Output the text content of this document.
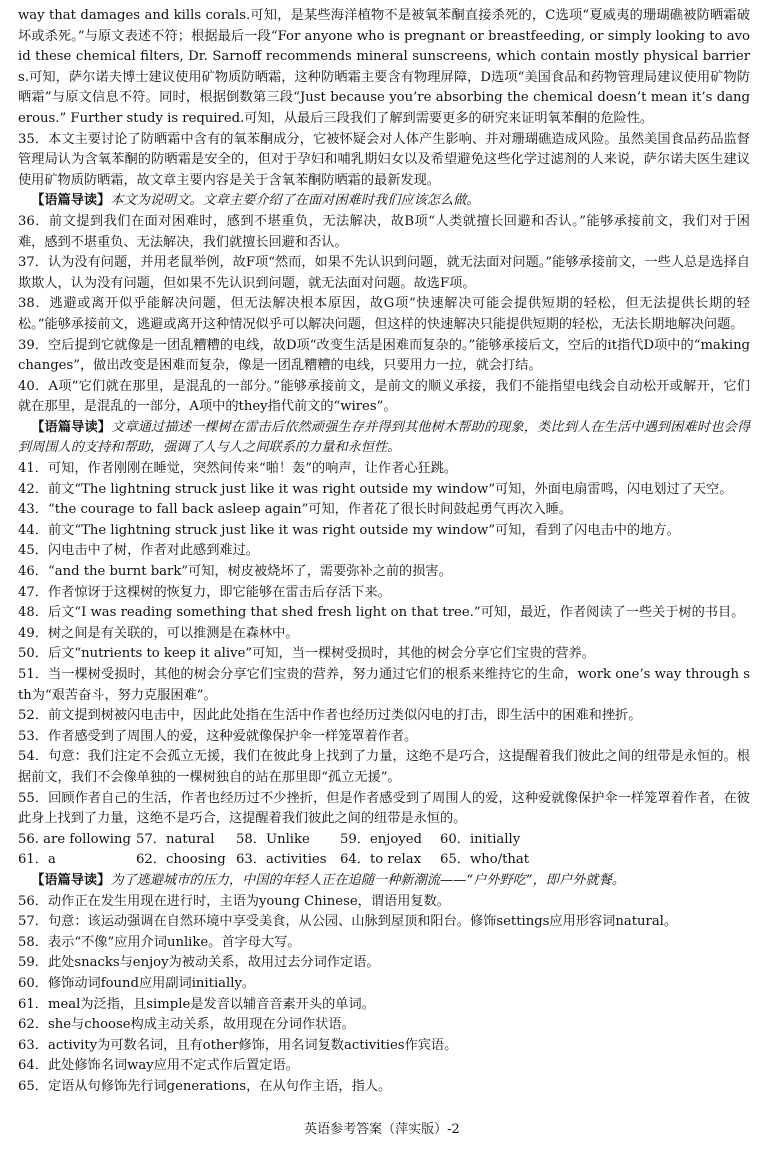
way that damages and kills corals.可知，是某些海洋植物不是被氧苯酮直接杀死的，C选项“夏威夷的珊瑚礁被防晒霜破坏或杀死。”与原文表述不符；根据最后一段“For anyone who is pregnant or breastfeeding, or simply looking to avoid these chemical filters, Dr. Sarnoff recommends mineral sunscreens, which contain mostly physical barriers.可知，萨尔诺夫博士建议使用矿物质防晒霜，这种防晒霜主要含有物理屏障，D选项“美国食品和药物管理局建议使用矿物防晒霜”与原文信息不符。同时，根据倒数第三段“Just because you’re absorbing the chemical doesn’t mean it’s dangerous.” Further study is required.可知，从最后三段我们了解到需要更多的研究来证明氧苯酮的危险性。

35．本文主要讨论了防晒霜中含有的氧苯酮成分，它被怀疑会对人体产生影响、并对珊瑚礁造成风险。虽然美国食品药品监督管理局认为含氧苯酮的防晒霜是安全的，但对于孕妇和哺乳期妇女以及希望避免这些化学过滤剂的人来说，萨尔诺夫医生建议使用矿物质防晒霜，故文章主要内容是关于含氧苯酮防晒霜的最新发现。

【语篇导读】本文为说明文。文章主要介绍了在面对困难时我们应该怎么做。

36．前文提到我们在面对困难时，感到不堪重负，无法解决，故B项“人类就擅长回避和否认。”能够承接前文，我们对于困难，感到不堪重负、无法解决，我们就擅长回避和否认。

37．认为没有问题，并用老鼠举例，故F项“然而，如果不先认识到问题，就无法面对问题。”能够承接前文，一些人总是选择自欺欺人，认为没有问题，但如果不先认识到问题，就无法面对问题。故选F项。

38．逃避或离开似乎能解决问题，但无法解决根本原因，故G项“快速解决可能会提供短期的轻松，但无法提供长期的轻松。”能够承接前文，逃避或离开这种情况似乎可以解决问题，但这样的快速解决只能提供短期的轻松，无法长期地解决问题。

39．空后提到它就像是一团乱糟糟的电线，故D项“改变生活是困难而复杂的。”能够承接后文，空后的it指代D项中的“making changes”，做出改变是困难而复杂，像是一团乱糟糟的电线，只要用力一拉，就会打结。

40．A项“它们就在那里，是混乱的一部分。”能够承接前文，是前文的顺义承接，我们不能指望电线会自动松开或解开，它们就在那里，是混乱的一部分，A项中的they指代前文的“wires”。

【语篇导读】文章通过描述一棵树在雷击后依然顽强生存并得到其他树木帮助的现象，类比到人在生活中遇到困难时也会得到周围人的支持和帮助，强调了人与人之间联系的力量和永恒性。

41．可知，作者刚刚在睡觉，突然间传来“啪！轰”的响声，让作者心狂跳。

42．前文“The lightning struck just like it was right outside my window”可知，外面电扇雷鸣，闪电划过了天空。

43．“the courage to fall back asleep again”可知，作者花了很长时间鼓起勇气再次入睡。

44．前文“The lightning struck just like it was right outside my window”可知，看到了闪电击中的地方。

45．闪电击中了树，作者对此感到难过。

46．“and the burnt bark”可知，树皮被烧坏了，需要弥补之前的损害。

47．作者惊讶于这棵树的恢复力，即它能够在雷击后存活下来。

48．后文“I was reading something that shed fresh light on that tree.”可知，最近，作者阅读了一些关于树的书目。

49．树之间是有关联的，可以推测是在森林中。

50．后文“nutrients to keep it alive”可知，当一棵树受损时，其他的树会分享它们宝贵的营养。

51．当一棵树受损时，其他的树会分享它们宝贵的营养，努力通过它们的根系来维持它的生命，work one’s way through sth为“艰苦奋斗，努力克服困难”。

52．前文提到树被闪电击中，因此此处指在生活中作者也经历过类似闪电的打击，即生活中的困难和挫折。

53．作者感受到了周围人的爱，这种爱就像保护伞一样笼罩着作者。

54．句意：我们注定不会孤立无援，我们在彼此身上找到了力量，这绝不是巧合，这提醒着我们彼此之间的纽带是永恒的。根据前文，我们不会像单独的一棵树独自的站在那里即“孤立无援”。

55．回顾作者自己的生活，作者也经历过不少挫折，但是作者感受到了周围人的爱，这种爱就像保护伞一样笼罩着作者，在彼此身上找到了力量，这绝不是巧合，这提醒着我们彼此之间的纽带是永恒的。

56. are following 57．natural	58．Unlike	59．enjoyed	60．initially
61．a	62．choosing 63．activities	64．to relax	65．who/that

【语篇导读】为了逃避城市的压力，中国的年轻人正在追随一种新潮流——“户外野吃”，即户外就餐。

56．动作正在发生用现在进行时，主语为young Chinese，谓语用复数。

57．句意：该运动强调在自然环境中享受美食，从公园、山脉到屋顶和阳台。修饰settings应用形容词natural。

58．表示“不像”应用介词unlike。首字母大写。

59．此处snacks与enjoy为被动关系，故用过去分词作定语。

60．修饰动词found应用副词initially。

61．meal为泛指，且simple是发音以辅音音素开头的单词。

62．she与choose构成主动关系，故用现在分词作状语。

63．activity为可数名词，且有other修饰，用名词复数activities作宾语。

64．此处修饰名词way应用不定式作后置定语。

65．定语从句修饰先行词generations，在从句作主语，指人。

英语参考答案（萍实版）-2
